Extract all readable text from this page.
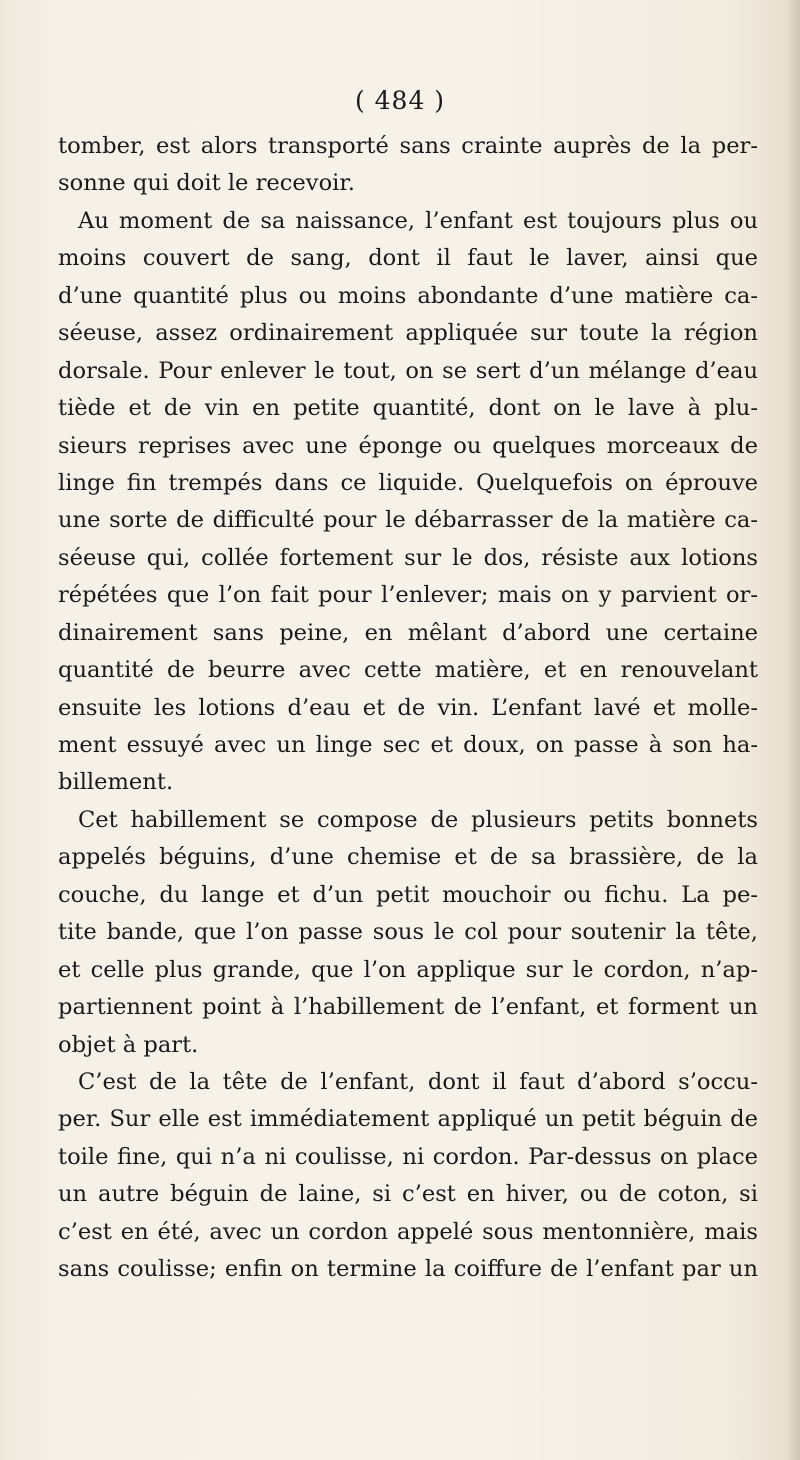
( 484 )
tomber, est alors transporté sans crainte auprès de la per-
sonne qui doit le recevoir.
Au moment de sa naissance, l’enfant est toujours plus ou
moins couvert de sang, dont il faut le laver, ainsi que
d’une quantité plus ou moins abondante d’une matière ca-
séeuse, assez ordinairement appliquée sur toute la région
dorsale. Pour enlever le tout, on se sert d’un mélange d’eau
tiède et de vin en petite quantité, dont on le lave à plu-
sieurs reprises avec une éponge ou quelques morceaux de
linge fin trempés dans ce liquide. Quelquefois on éprouve
une sorte de difficulté pour le débarrasser de la matière ca-
séeuse qui, collée fortement sur le dos, résiste aux lotions
répétées que l’on fait pour l’enlever; mais on y parvient or-
dinairement sans peine, en mêlant d’abord une certaine
quantité de beurre avec cette matière, et en renouvelant
ensuite les lotions d’eau et de vin. L’enfant lavé et molle-
ment essuyé avec un linge sec et doux, on passe à son ha-
billement.
Cet habillement se compose de plusieurs petits bonnets
appelés béguins, d’une chemise et de sa brassière, de la
couche, du lange et d’un petit mouchoir ou fichu. La pe-
tite bande, que l’on passe sous le col pour soutenir la tête,
et celle plus grande, que l’on applique sur le cordon, n’ap-
partiennent point à l’habillement de l’enfant, et forment un
objet à part.
C’est de la tête de l’enfant, dont il faut d’abord s’occu-
per. Sur elle est immédiatement appliqué un petit béguin de
toile fine, qui n’a ni coulisse, ni cordon. Par-dessus on place
un autre béguin de laine, si c’est en hiver, ou de coton, si
c’est en été, avec un cordon appelé sous mentonnière, mais
sans coulisse; enfin on termine la coiffure de l’enfant par un
